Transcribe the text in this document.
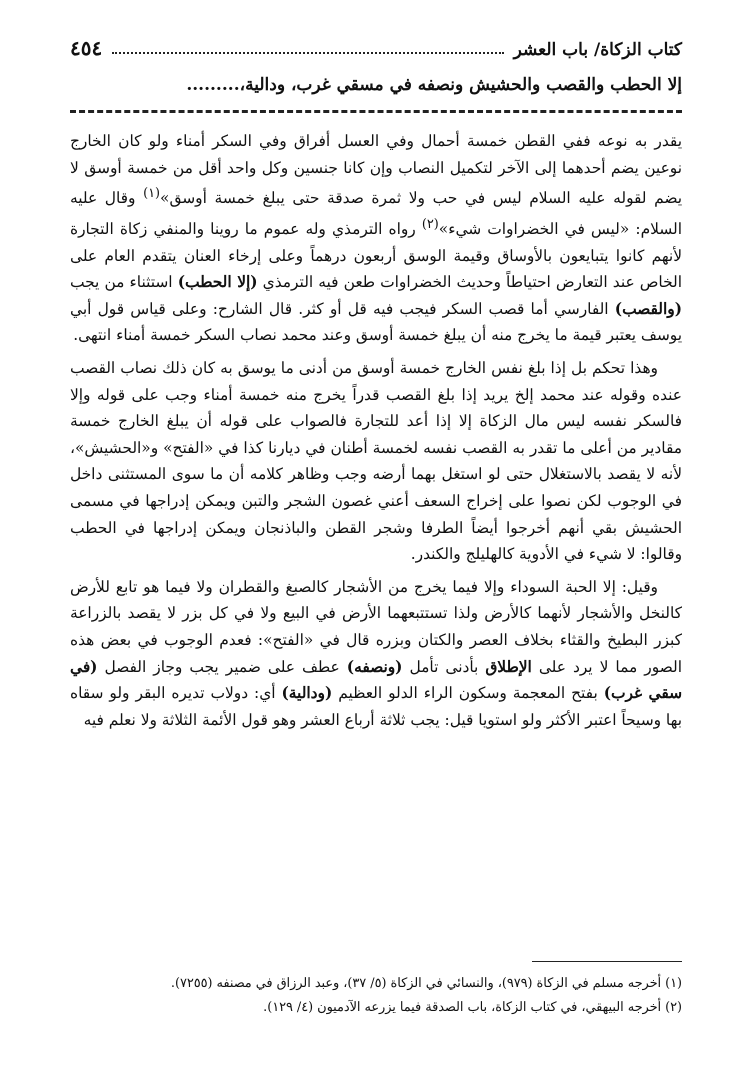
كتاب الزكاة/ باب العشر
٤٥٤
إلا الحطب والقصب والحشيش ونصفه في مسقي غرب، ودالية،.........

يقدر به نوعه ففي القطن خمسة أحمال وفي العسل أفراق وفي السكر أمناء ولو كان الخارج نوعين يضم أحدهما إلى الآخر لتكميل النصاب وإن كانا جنسين وكل واحد أقل من خمسة أوسق لا يضم لقوله عليه السلام ليس في حب ولا ثمرة صدقة حتى يبلغ خمسة أوسق»$^{(١)}$ وقال عليه السلام: «ليس في الخضراوات شيء»$^{(٢)}$ رواه الترمذي وله عموم ما روينا والمنفي زكاة التجارة لأنهم كانوا يتبايعون بالأوساق وقيمة الوسق أربعون درهماً وعلى إرخاء العنان يتقدم العام على الخاص عند التعارض احتياطاً وحديث الخضراوات طعن فيه الترمذي (إلا الحطب) استثناء من يجب (والقصب) الفارسي أما قصب السكر فيجب فيه قل أو كثر. قال الشارح: وعلى قياس قول أبي يوسف يعتبر قيمة ما يخرج منه أن يبلغ خمسة أوسق وعند محمد نصاب السكر خمسة أمناء انتهى.

وهذا تحكم بل إذا بلغ نفس الخارج خمسة أوسق من أدنى ما يوسق به كان ذلك نصاب القصب عنده وقوله عند محمد إلخ يريد إذا بلغ القصب قدراً يخرج منه خمسة أمناء وجب على قوله وإلا فالسكر نفسه ليس مال الزكاة إلا إذا أعد للتجارة فالصواب على قوله أن يبلغ الخارج خمسة مقادير من أعلى ما تقدر به القصب نفسه لخمسة أطنان في ديارنا كذا في «الفتح» و«الحشيش»، لأنه لا يقصد بالاستغلال حتى لو استغل بهما أرضه وجب وظاهر كلامه أن ما سوى المستثنى داخل في الوجوب لكن نصوا على إخراج السعف أعني غصون الشجر والتبن ويمكن إدراجها في مسمى الحشيش بقي أنهم أخرجوا أيضاً الطرفا وشجر القطن والباذنجان ويمكن إدراجها في الحطب وقالوا: لا شيء في الأدوية كالهليلج والكندر.

وقيل: إلا الحبة السوداء وإلا فيما يخرج من الأشجار كالصبغ والقطران ولا فيما هو تابع للأرض كالنخل والأشجار لأنهما كالأرض ولذا تستتبعهما الأرض في البيع ولا في كل بزر لا يقصد بالزراعة كبزر البطيخ والقثاء بخلاف العصر والكتان وبزره قال في «الفتح»: فعدم الوجوب في بعض هذه الصور مما لا يرد على الإطلاق بأدنى تأمل (ونصفه) عطف على ضمير يجب وجاز الفصل (في سقي غرب) بفتح المعجمة وسكون الراء الدلو العظيم (ودالية) أي: دولاب تديره البقر ولو سقاه بها وسيحاً اعتبر الأكثر ولو استويا قيل: يجب ثلاثة أرباع العشر وهو قول الأئمة الثلاثة ولا نعلم فيه

(١) أخرجه مسلم في الزكاة (٩٧٩)، والنسائي في الزكاة (٥/ ٣٧)، وعبد الرزاق في مصنفه (٧٢٥٥).

(٢) أخرجه البيهقي، في كتاب الزكاة، باب الصدقة فيما يزرعه الآدميون (٤/ ١٢٩).
